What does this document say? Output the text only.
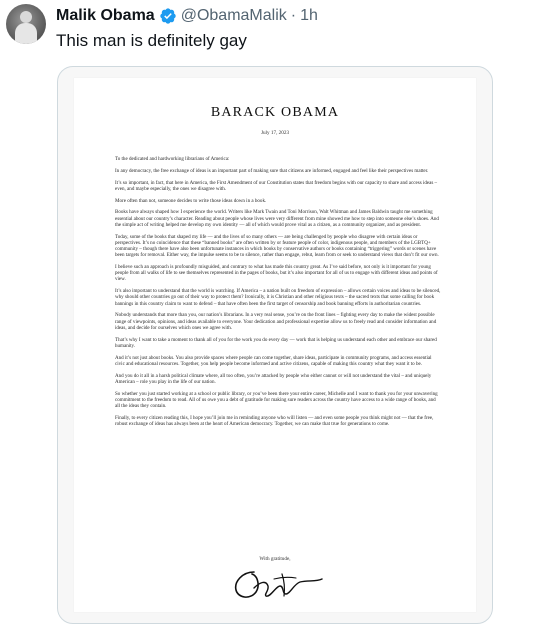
Malik Obama @ObamaMalik · 1h
This man is definitely gay
BARACK OBAMA
July 17, 2023

To the dedicated and hardworking librarians of America:

In any democracy, the free exchange of ideas is an important part of making sure that citizens are informed, engaged and feel like their perspectives matter.

It’s so important, in fact, that here in America, the First Amendment of our Constitution states that freedom begins with our capacity to share and access ideas – even, and maybe especially, the ones we disagree with.

More often than not, someone decides to write those ideas down in a book.

Books have always shaped how I experience the world. Writers like Mark Twain and Toni Morrison, Walt Whitman and James Baldwin taught me something essential about our country’s character. Reading about people whose lives were very different from mine showed me how to step into someone else’s shoes. And the simple act of writing helped me develop my own identity — all of which would prove vital as a citizen, as a community organizer, and as president.

Today, some of the books that shaped my life — and the lives of so many others — are being challenged by people who disagree with certain ideas or perspectives. It’s no coincidence that these “banned books” are often written by or feature people of color, indigenous people, and members of the LGBTQ+ community – though there have also been unfortunate instances in which books by conservative authors or books containing “triggering” words or scenes have been targets for removal. Either way, the impulse seems to be to silence, rather than engage, rebut, learn from or seek to understand views that don’t fit our own.

I believe such an approach is profoundly misguided, and contrary to what has made this country great. As I’ve said before, not only is it important for young people from all walks of life to see themselves represented in the pages of books, but it’s also important for all of us to engage with different ideas and points of view.

It’s also important to understand that the world is watching. If America – a nation built on freedom of expression – allows certain voices and ideas to be silenced, why should other countries go out of their way to protect them? Ironically, it is Christian and other religious texts – the sacred texts that some calling for book bannings in this country claim to want to defend – that have often been the first target of censorship and book banning efforts in authoritarian countries.

Nobody understands that more than you, our nation’s librarians. In a very real sense, you’re on the front lines – fighting every day to make the widest possible range of viewpoints, opinions, and ideas available to everyone. Your dedication and professional expertise allow us to freely read and consider information and ideas, and decide for ourselves which ones we agree with.

That’s why I want to take a moment to thank all of you for the work you do every day — work that is helping us understand each other and embrace our shared humanity.

And it’s not just about books. You also provide spaces where people can come together, share ideas, participate in community programs, and access essential civic and educational resources. Together, you help people become informed and active citizens, capable of making this country what they want it to be.

And you do it all in a harsh political climate where, all too often, you’re attacked by people who either cannot or will not understand the vital – and uniquely American – role you play in the life of our nation.

So whether you just started working at a school or public library, or you’ve been there your entire career, Michelle and I want to thank you for your unwavering commitment to the freedom to read. All of us owe you a debt of gratitude for making sure readers across the country have access to a wide range of books, and all the ideas they contain.

Finally, to every citizen reading this, I hope you’ll join me in reminding anyone who will listen — and even some people you think might not — that the free, robust exchange of ideas has always been at the heart of American democracy. Together, we can make that true for generations to come.

With gratitude,
